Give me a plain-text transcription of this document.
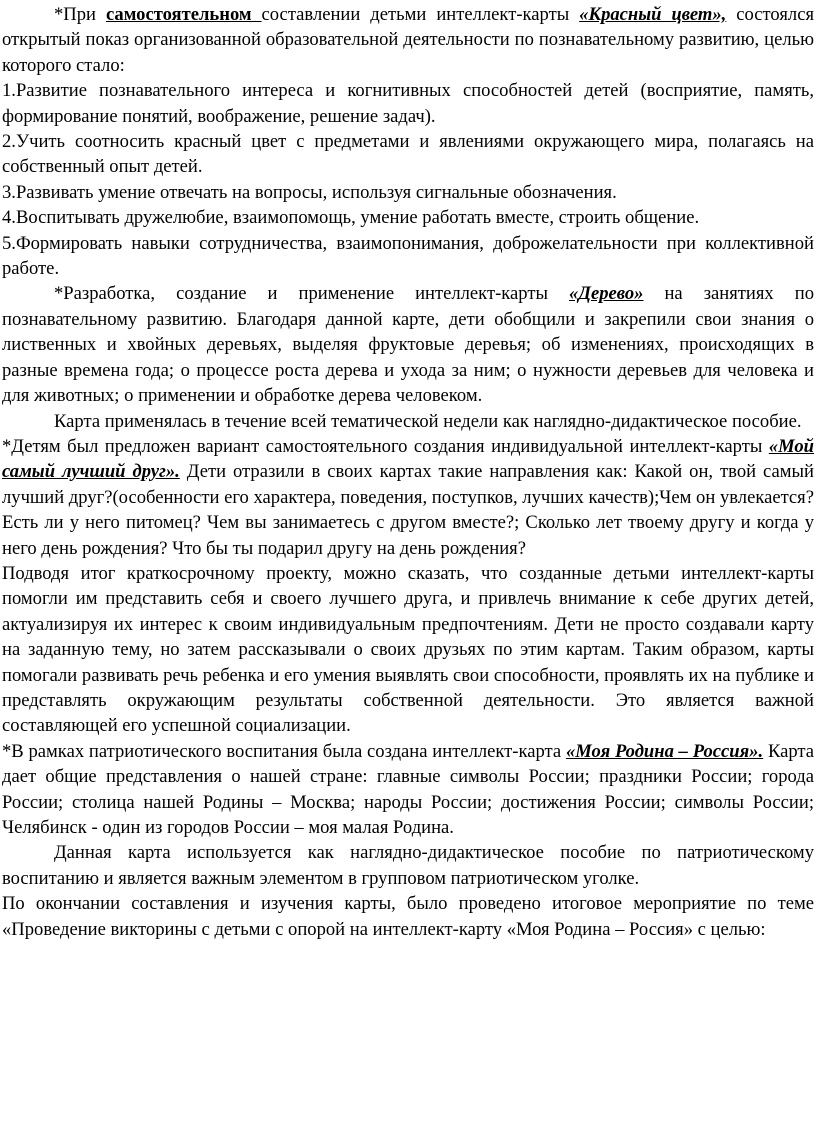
*При самостоятельном составлении детьми интеллект-карты «Красный цвет», состоялся открытый показ организованной образовательной деятельности по познавательному развитию, целью которого стало:

1.Развитие познавательного интереса и когнитивных способностей детей (восприятие, память, формирование понятий, воображение, решение задач).

2.Учить соотносить красный цвет с предметами и явлениями окружающего мира, полагаясь на собственный опыт детей.

3.Развивать умение отвечать на вопросы, используя сигнальные обозначения.

4.Воспитывать дружелюбие, взаимопомощь, умение работать вместе, строить общение.

5.Формировать навыки сотрудничества, взаимопонимания, доброжелательности при коллективной работе.

*Разработка, создание и применение интеллект-карты «Дерево» на занятиях по познавательному развитию. Благодаря данной карте, дети обобщили и закрепили свои знания о лиственных и хвойных деревьях, выделяя фруктовые деревья; об изменениях, происходящих в разные времена года; о процессе роста дерева и ухода за ним; о нужности деревьев для человека и для животных; о применении и обработке дерева человеком.

Карта применялась в течение всей тематической недели как наглядно-дидактическое пособие.

*Детям был предложен вариант самостоятельного создания индивидуальной интеллект-карты «Мой самый лучший друг». Дети отразили в своих картах такие направления как: Какой он, твой самый лучший друг?(особенности его характера, поведения, поступков, лучших качеств);Чем он увлекается? Есть ли у него питомец? Чем вы занимаетесь с другом вместе?; Сколько лет твоему другу и когда у него день рождения? Что бы ты подарил другу на день рождения?

Подводя итог краткосрочному проекту, можно сказать, что созданные детьми интеллект-карты помогли им представить себя и своего лучшего друга, и привлечь внимание к себе других детей, актуализируя их интерес к своим индивидуальным предпочтениям. Дети не просто создавали карту на заданную тему, но затем рассказывали о своих друзьях по этим картам. Таким образом, карты помогали развивать речь ребенка и его умения выявлять свои способности, проявлять их на публике и представлять окружающим результаты собственной деятельности. Это является важной составляющей его успешной социализации.

*В рамках патриотического воспитания была создана интеллект-карта «Моя Родина – Россия». Карта дает общие представления о нашей стране: главные символы России; праздники России; города России; столица нашей Родины – Москва; народы России; достижения России; символы России; Челябинск - один из городов России – моя малая Родина.

Данная карта используется как наглядно-дидактическое пособие по патриотическому воспитанию и является важным элементом в групповом патриотическом уголке.

По окончании составления и изучения карты, было проведено итоговое мероприятие по теме «Проведение викторины с детьми с опорой на интеллект-карту «Моя Родина – Россия» с целью:
